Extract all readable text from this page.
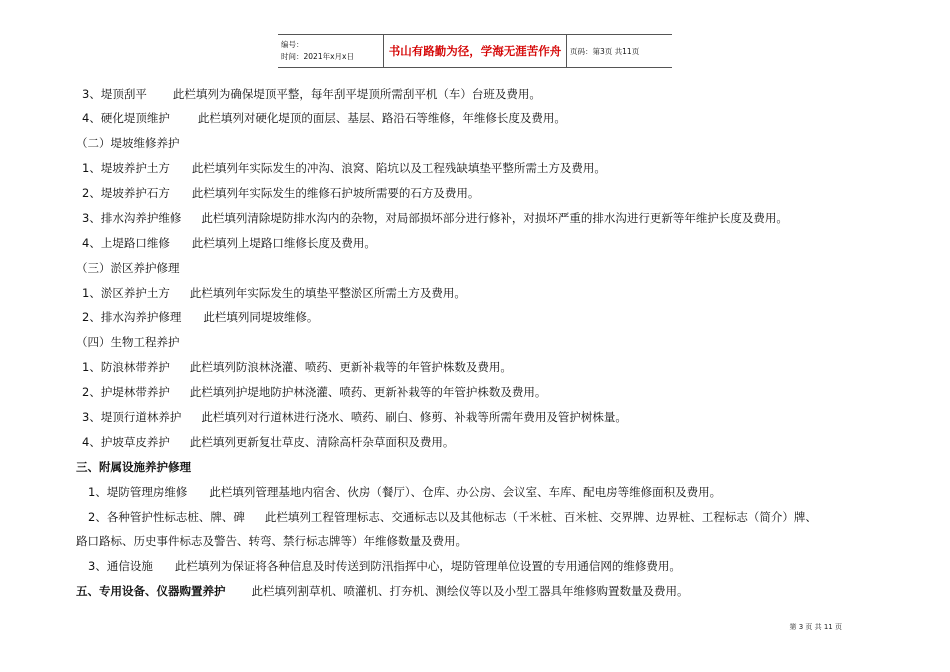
编号：
时间：2021年x月x日	书山有路勤为径，学海无涯苦作舟 页码：第3页 共11页
3、堤顶刮平 此栏填列为确保堤顶平整，每年刮平堤顶所需刮平机（车）台班及费用。
4、硬化堤顶维护 此栏填列对硬化堤顶的面层、基层、路沿石等维修，年维修长度及费用。
（二）堤坡维修养护
1、堤坡养护土方 此栏填列年实际发生的冲沟、浪窝、陷坑以及工程残缺填垫平整所需土方及费用。
2、堤坡养护石方 此栏填列年实际发生的维修石护坡所需要的石方及费用。
3、排水沟养护维修 此栏填列清除堤防排水沟内的杂物，对局部损坏部分进行修补，对损坏严重的排水沟进行更新等年维护长度及费用。
4、上堤路口维修 此栏填列上堤路口维修长度及费用。
（三）淤区养护修理
1、淤区养护土方 此栏填列年实际发生的填垫平整淤区所需土方及费用。
2、排水沟养护修理 此栏填列同堤坡维修。
（四）生物工程养护
1、防浪林带养护 此栏填列防浪林浇灌、喷药、更新补栽等的年管护株数及费用。
2、护堤林带养护 此栏填列护堤地防护林浇灌、喷药、更新补栽等的年管护株数及费用。
3、堤顶行道林养护 此栏填列对行道林进行浇水、喷药、刷白、修剪、补栽等所需年费用及管护树株量。
4、护坡草皮养护 此栏填列更新复壮草皮、清除高杆杂草面积及费用。
三、附属设施养护修理
1、堤防管理房维修 此栏填列管理基地内宿舍、伙房（餐厅）、仓库、办公房、会议室、车库、配电房等维修面积及费用。
2、各种管护性标志桩、牌、碑 此栏填列工程管理标志、交通标志以及其他标志（千米桩、百米桩、交界牌、边界桩、工程标志（简介）牌、
路口路标、历史事件标志及警告、转弯、禁行标志牌等）年维修数量及费用。
3、通信设施 此栏填列为保证将各种信息及时传送到防汛指挥中心，堤防管理单位设置的专用通信网的维修费用。
五、专用设备、仪器购置养护 此栏填列割草机、喷灌机、打夯机、测绘仪等以及小型工器具年维修购置数量及费用。
第 3 页 共 11 页
